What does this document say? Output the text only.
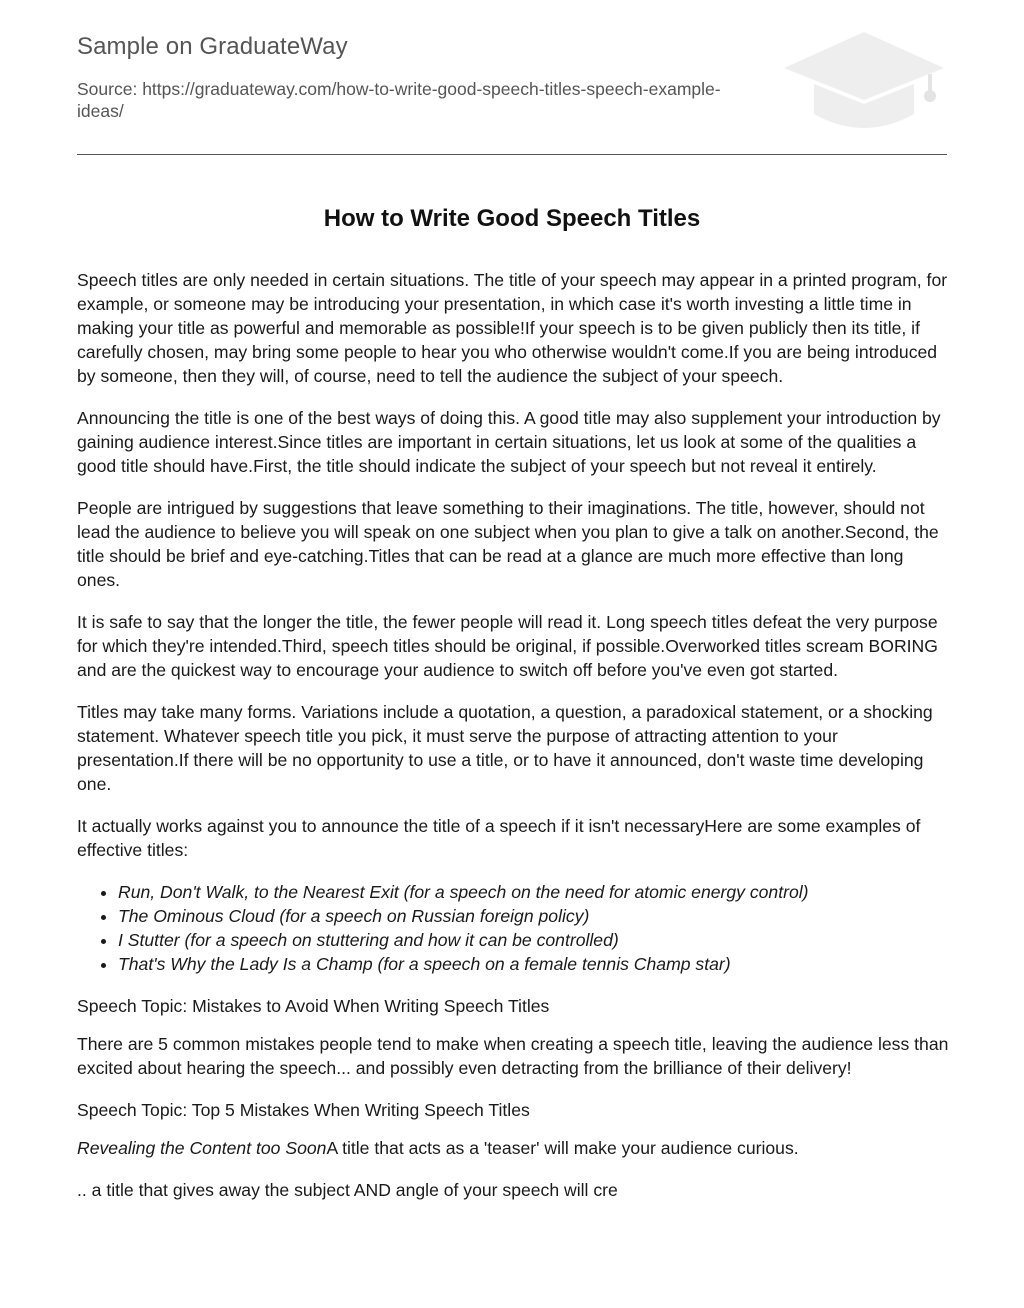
Sample on GraduateWay
Source: https://graduateway.com/how-to-write-good-speech-titles-speech-example-ideas/
How to Write Good Speech Titles

Speech titles are only needed in certain situations. The title of your speech may appear in a printed program, for example, or someone may be introducing your presentation, in which case it's worth investing a little time in making your title as powerful and memorable as possible!If your speech is to be given publicly then its title, if carefully chosen, may bring some people to hear you who otherwise wouldn't come.If you are being introduced by someone, then they will, of course, need to tell the audience the subject of your speech.

Announcing the title is one of the best ways of doing this. A good title may also supplement your introduction by gaining audience interest.Since titles are important in certain situations, let us look at some of the qualities a good title should have.First, the title should indicate the subject of your speech but not reveal it entirely.

People are intrigued by suggestions that leave something to their imaginations. The title, however, should not lead the audience to believe you will speak on one subject when you plan to give a talk on another.Second, the title should be brief and eye-catching.Titles that can be read at a glance are much more effective than long ones.

It is safe to say that the longer the title, the fewer people will read it. Long speech titles defeat the very purpose for which they're intended.Third, speech titles should be original, if possible.Overworked titles scream BORING and are the quickest way to encourage your audience to switch off before you've even got started.

Titles may take many forms. Variations include a quotation, a question, a paradoxical statement, or a shocking statement. Whatever speech title you pick, it must serve the purpose of attracting attention to your presentation.If there will be no opportunity to use a title, or to have it announced, don't waste time developing one.

It actually works against you to announce the title of a speech if it isn't necessaryHere are some examples of effective titles:

• Run, Don't Walk, to the Nearest Exit (for a speech on the need for atomic energy control)
• The Ominous Cloud (for a speech on Russian foreign policy)
• I Stutter (for a speech on stuttering and how it can be controlled)
• That's Why the Lady Is a Champ (for a speech on a female tennis Champ star)

Speech Topic: Mistakes to Avoid When Writing Speech Titles

There are 5 common mistakes people tend to make when creating a speech title, leaving the audience less than excited about hearing the speech... and possibly even detracting from the brilliance of their delivery!

Speech Topic: Top 5 Mistakes When Writing Speech Titles

Revealing the Content too SoonA title that acts as a 'teaser' will make your audience curious.

.. a title that gives away the subject AND angle of your speech will cre
